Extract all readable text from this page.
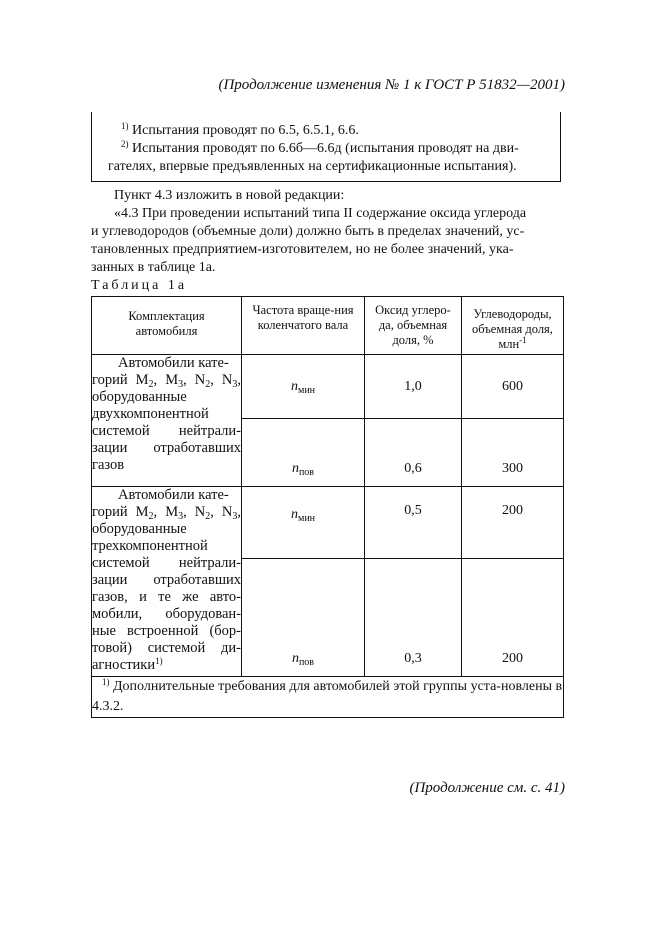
(Продолжение изменения № 1 к ГОСТ Р 51832—2001)
$^{1)}$ Испытания проводят по 6.5, 6.5.1, 6.6.
$^{2)}$ Испытания проводят по 6.6б—6.6д (испытания проводят на дви-
гателях, впервые предъявленных на сертификационные испытания).
Пункт 4.3 изложить в новой редакции:
«4.3 При проведении испытаний типа II содержание оксида углерода
и углеводородов (объемные доли) должно быть в пределах значений, ус-
тановленных предприятием-изготовителем, но не более значений, ука-
занных в таблице 1а.
Таблица 1а
Комплектация автомобиля	Частота враще-ния коленчатого вала	Оксид углеро-да, объемная доля, %	Углеводороды, объемная доля, млн$^{-1}$

Автомобили кате-

горий $M_2$, $M_3$, $N_2$, $N_3$, оборудованные двухкомпонентной системой нейтрали-зации отработавших газов	$n_{мин}$	1,0	600

	$n_{пов}$	0,6	300

Автомобили кате-

горий $M_2$, $M_3$, $N_2$, $N_3$, оборудованные трехкомпонентной системой нейтрали-зации отработавших газов, и те же авто-мобили, оборудован-ные встроенной (бор-товой) системой ди-агностики$^{1)}$	$n_{мин}$	0,5	200

	$n_{пов}$	0,3	200

$^{1)}$ Дополнительные требования для автомобилей этой группы уста-новлены в 4.3.2.			
(Продолжение см. с. 41)
